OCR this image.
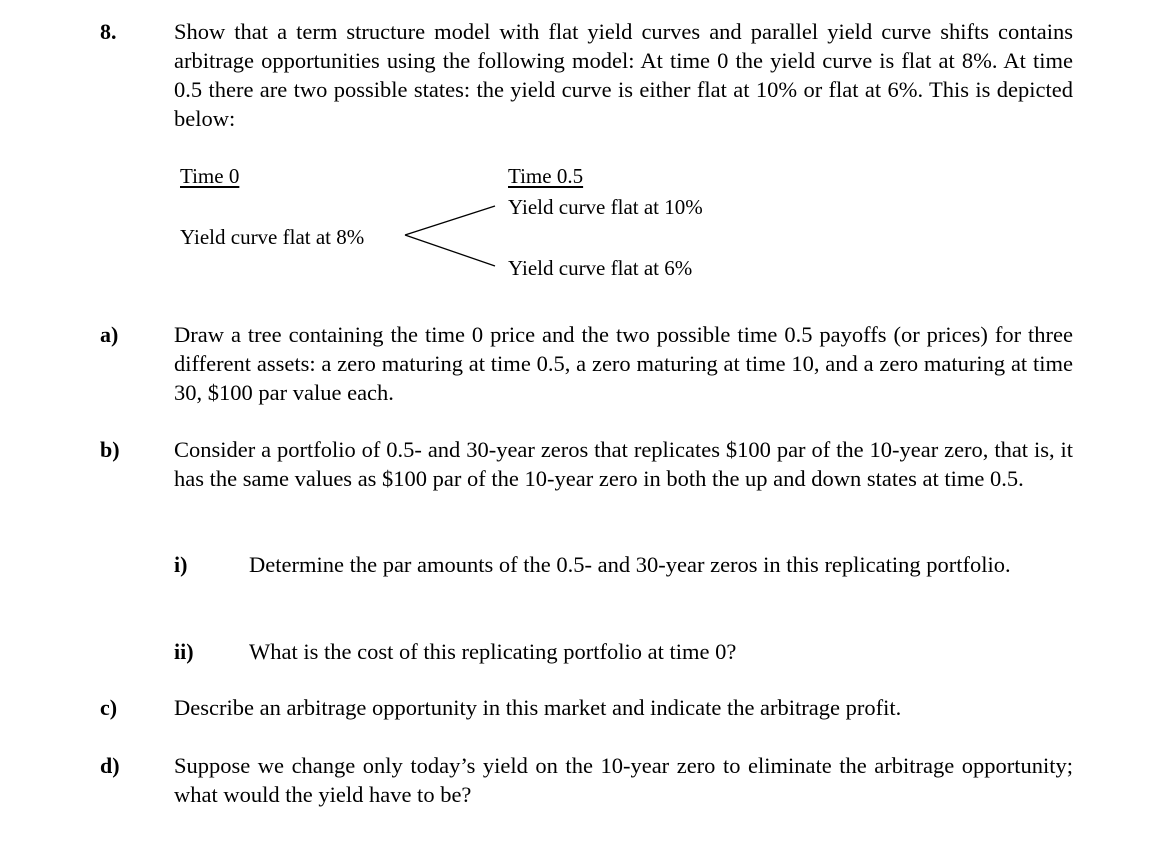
8.	Show that a term structure model with flat yield curves and parallel yield curve shifts contains arbitrage opportunities using the following model: At time 0 the yield curve is flat at 8%. At time 0.5 there are two possible states: the yield curve is either flat at 10% or flat at 6%. This is depicted below:
Time 0	Time 0.5
Yield curve flat at 10%
Yield curve flat at 8%
Yield curve flat at 6%
a) Draw a tree containing the time 0 price and the two possible time 0.5 payoffs (or prices) for three different assets: a zero maturing at time 0.5, a zero maturing at time 10, and a zero maturing at time 30, $100 par value each.
b) Consider a portfolio of 0.5- and 30-year zeros that replicates $100 par of the 10-year zero, that is, it has the same values as $100 par of the 10-year zero in both the up and down states at time 0.5.
i)	Determine the par amounts of the 0.5- and 30-year zeros in this replicating portfolio.
ii) What is the cost of this replicating portfolio at time 0?
c)	Describe an arbitrage opportunity in this market and indicate the arbitrage profit.
d) Suppose we change only today’s yield on the 10-year zero to eliminate the arbitrage opportunity; what would the yield have to be?
